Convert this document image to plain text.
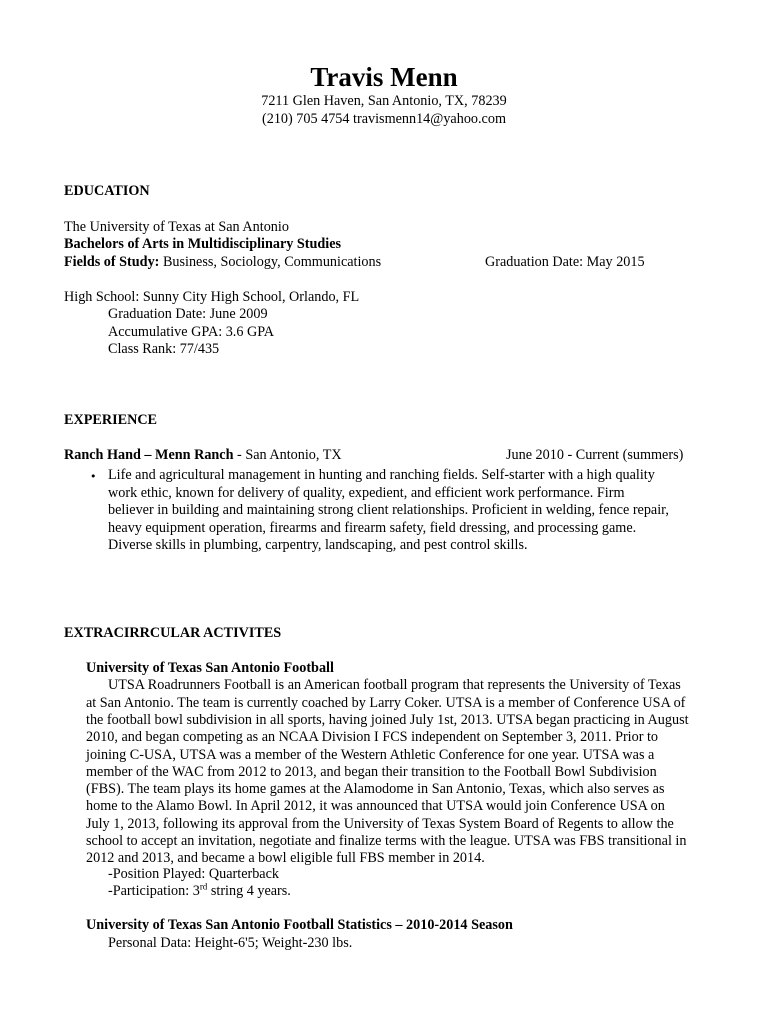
Travis Menn
7211 Glen Haven, San Antonio, TX, 78239
(210) 705 4754 travismenn14@yahoo.com
EDUCATION
The University of Texas at San Antonio
Bachelors of Arts in Multidisciplinary Studies
Fields of Study: Business, Sociology, Communications	Graduation Date: May 2015
High School: Sunny City High School, Orlando, FL
Graduation Date: June 2009
Accumulative GPA: 3.6 GPA
Class Rank: 77/435
EXPERIENCE
Ranch Hand – Menn Ranch - San Antonio, TX	June 2010 - Current (summers)
• Life and agricultural management in hunting and ranching fields. Self-starter with a high quality
work ethic, known for delivery of quality, expedient, and efficient work performance. Firm
believer in building and maintaining strong client relationships. Proficient in welding, fence repair,
heavy equipment operation, firearms and firearm safety, field dressing, and processing game.
Diverse skills in plumbing, carpentry, landscaping, and pest control skills.
EXTRACIRRCULAR ACTIVITES
University of Texas San Antonio Football
UTSA Roadrunners Football is an American football program that represents the University of Texas
at San Antonio. The team is currently coached by Larry Coker. UTSA is a member of Conference USA of
the football bowl subdivision in all sports, having joined July 1st, 2013. UTSA began practicing in August
2010, and began competing as an NCAA Division I FCS independent on September 3, 2011. Prior to
joining C-USA, UTSA was a member of the Western Athletic Conference for one year. UTSA was a
member of the WAC from 2012 to 2013, and began their transition to the Football Bowl Subdivision
(FBS). The team plays its home games at the Alamodome in San Antonio, Texas, which also serves as
home to the Alamo Bowl. In April 2012, it was announced that UTSA would join Conference USA on
July 1, 2013, following its approval from the University of Texas System Board of Regents to allow the
school to accept an invitation, negotiate and finalize terms with the league. UTSA was FBS transitional in
2012 and 2013, and became a bowl eligible full FBS member in 2014.
-Position Played: Quarterback
-Participation: 3rd string 4 years.
University of Texas San Antonio Football Statistics – 2010-2014 Season
Personal Data: Height-6'5; Weight-230 lbs.
